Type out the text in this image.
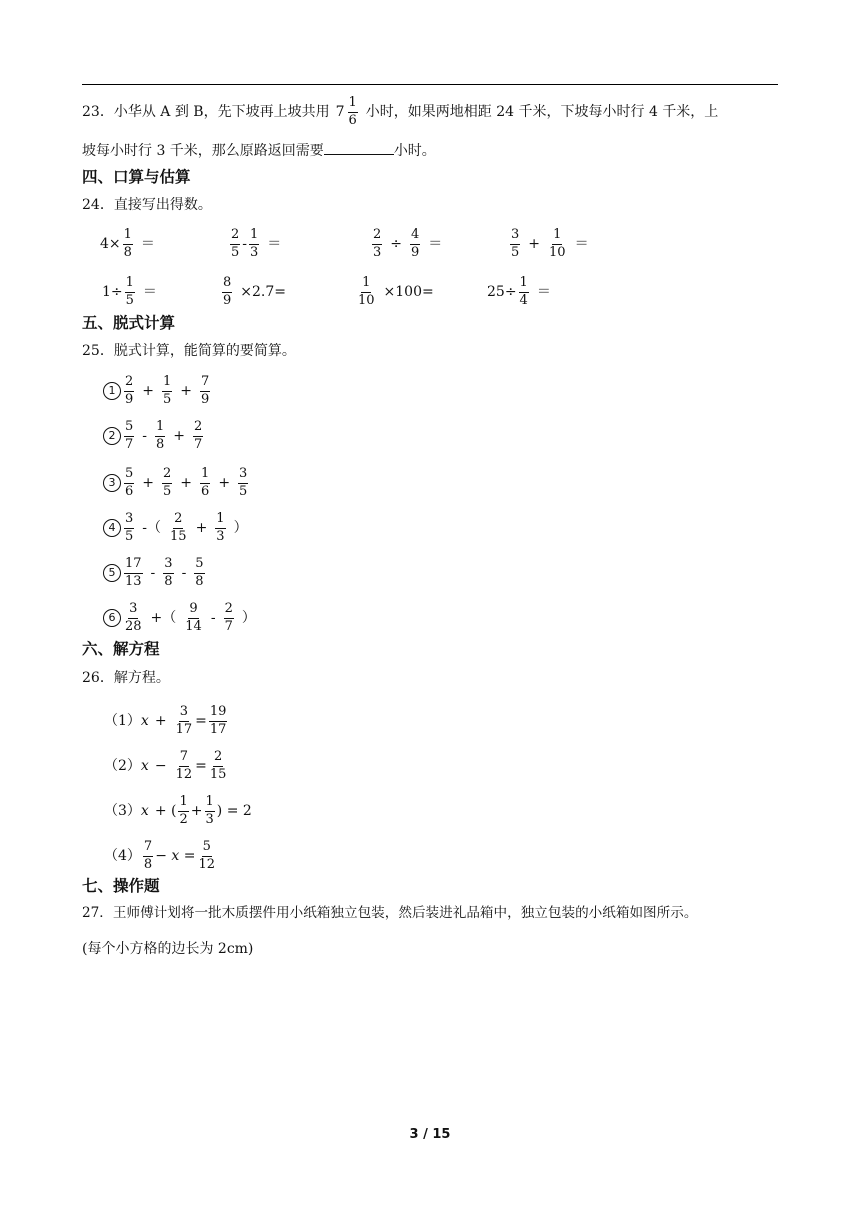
23．小华从 A 到 B，先下坡再上坡共用 $7 \frac{1}{6}$ 小时，如果两地相距 24 千米，下坡每小时行 4 千米，上
坡每小时行 3 千米，那么原路返回需要	小时。
四、口算与估算
24．直接写出得数。
$4\times \frac{1}{8}$ ＝	$\frac{2}{5} - \frac{1}{3}$ ＝	$\frac{2}{3} \div \frac{4}{9}$ ＝	$\frac{3}{5} + \frac{1}{10}$ ＝
$1\div \frac{1}{5}$ ＝	$\frac{8}{9} \times 2.7=$	$\frac{1}{10} \times 100=$	$25\div \frac{1}{4}$ ＝
五、脱式计算
25．脱式计算，能简算的要简算。
$1 \frac{2}{9} + \frac{1}{5} + \frac{7}{9}$
$2 \frac{5}{7} - \frac{1}{8} + \frac{2}{7}$
$3 \frac{5}{6} + \frac{2}{5} + \frac{1}{6} + \frac{3}{5}$
$4 \frac{3}{5}$ -（ $\frac{2}{15} + \frac{1}{3}$ ）
$5 \frac{17}{13} - \frac{3}{8} - \frac{5}{8}$
$6 \frac{3}{28}$ +（ $\frac{9}{14} - \frac{2}{7}$ ）
六、解方程
26．解方程。
（1） $x + \frac{3}{17} = \frac{19}{17}$
（2） $x - \frac{7}{12} = \frac{2}{15}$
（3） x + ( $\frac{1}{2} + \frac{1}{3}$ ) = 2
$(4) \frac{7}{8} - x = \frac{5}{12}$
七、操作题
27．王师傅计划将一批木质摆件用小纸箱独立包装，然后装进礼品箱中，独立包装的小纸箱如图所示。
(每个小方格的边长为 2cm)
3 / 15
